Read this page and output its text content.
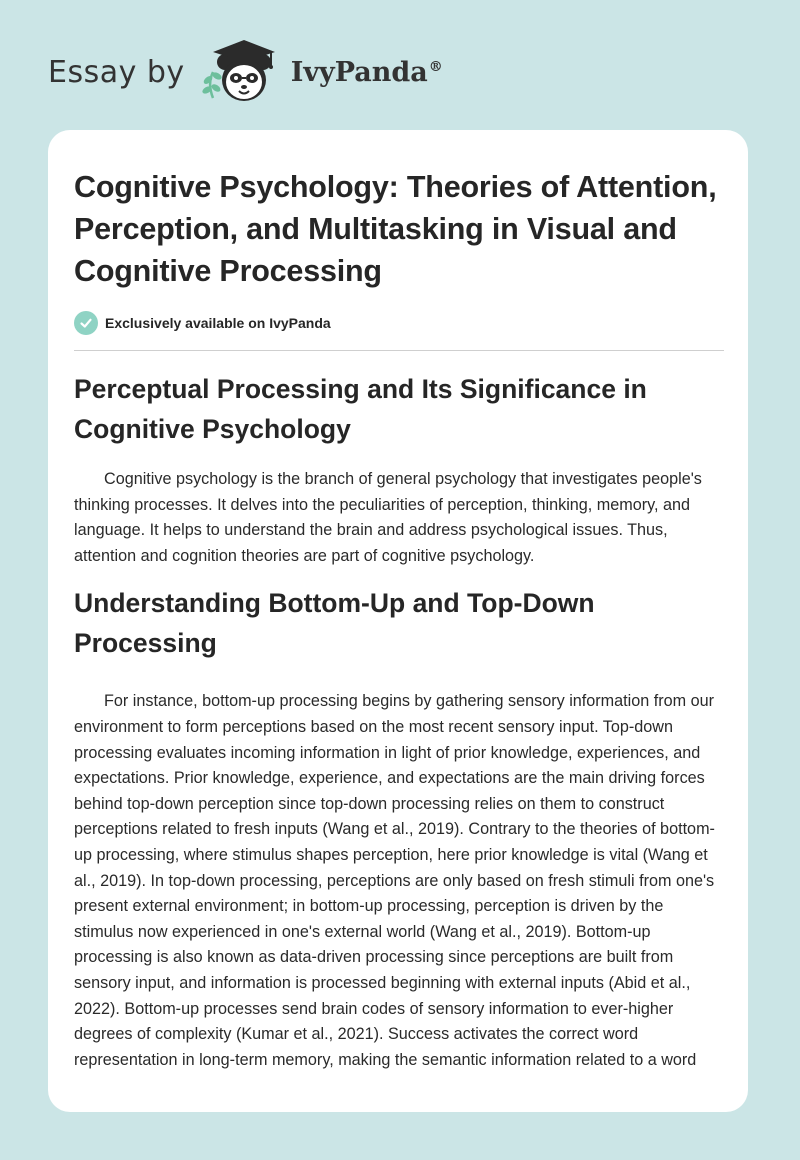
Essay by	IvyPanda®
Cognitive Psychology: Theories of Attention, Perception, and Multitasking in Visual and Cognitive Processing
Exclusively available on IvyPanda
Perceptual Processing and Its Significance in Cognitive Psychology

Cognitive psychology is the branch of general psychology that investigates people's thinking processes. It delves into the peculiarities of perception, thinking, memory, and language. It helps to understand the brain and address psychological issues. Thus, attention and cognition theories are part of cognitive psychology.

Understanding Bottom-Up and Top-Down Processing

For instance, bottom-up processing begins by gathering sensory information from our environment to form perceptions based on the most recent sensory input. Top-down processing evaluates incoming information in light of prior knowledge, experiences, and expectations. Prior knowledge, experience, and expectations are the main driving forces behind top-down perception since top-down processing relies on them to construct perceptions related to fresh inputs (Wang et al., 2019). Contrary to the theories of bottom-up processing, where stimulus shapes perception, here prior knowledge is vital (Wang et al., 2019). In top-down processing, perceptions are only based on fresh stimuli from one's present external environment; in bottom-up processing, perception is driven by the stimulus now experienced in one's external world (Wang et al., 2019). Bottom-up processing is also known as data-driven processing since perceptions are built from sensory input, and information is processed beginning with external inputs (Abid et al., 2022). Bottom-up processes send brain codes of sensory information to ever-higher degrees of complexity (Kumar et al., 2021). Success activates the correct word representation in long-term memory, making the semantic information related to a word
